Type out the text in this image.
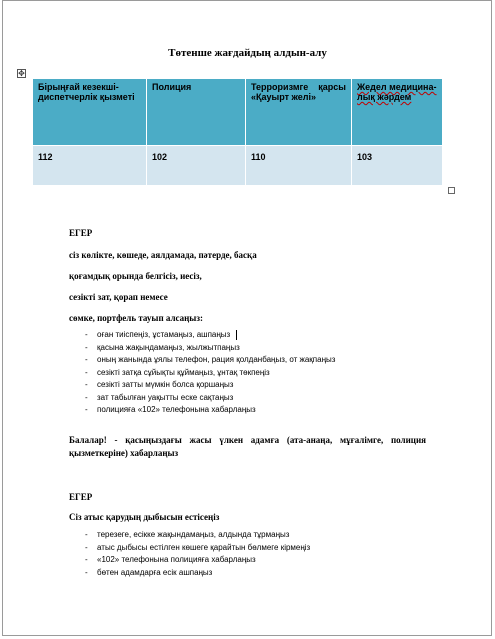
Төтенше жағдайдың алдын-алу
✥
Бірыңғай кезекші-диспетчерлік қызметі	Полиция	Терроризмге қарсы «Қауырт желі»	Жедел медицина-лық жәрдем
112	102	110	103
ЕГЕР
сіз көлікте, көшеде, аялдамада, пәтерде, басқа
қоғамдық орында белгісіз, иесіз,
сезікті зат, қорап немесе
сөмке, портфель тауып алсаңыз:
- оған тиіспеңіз, ұстамаңыз, ашпаңыз
- қасына жақындамаңыз, жылжытпаңыз
- оның жанында ұялы телефон, рация қолданбаңыз, от жақпаңыз
- сезікті затқа сұйықты құймаңыз, ұнтақ төкпеңіз
- сезікті затты мүмкін болса қоршаңыз
- зат табылған уақытты еске сақтаңыз
- полицияға «102» телефонына хабарлаңыз
Балалар! - қасыңыздағы жасы үлкен адамға (ата-анаңа, мұғалімге, полиция қызметкеріне) хабарлаңыз
ЕГЕР
Сіз атыс қарудың дыбысын естісеңіз
- терезеге, есікке жақындамаңыз, алдында тұрмаңыз
- атыс дыбысы естілген көшеге қарайтын бөлмеге кірмеңіз
- «102» телефонына полицияға хабарлаңыз
- бөтен адамдарға есік ашпаңыз
